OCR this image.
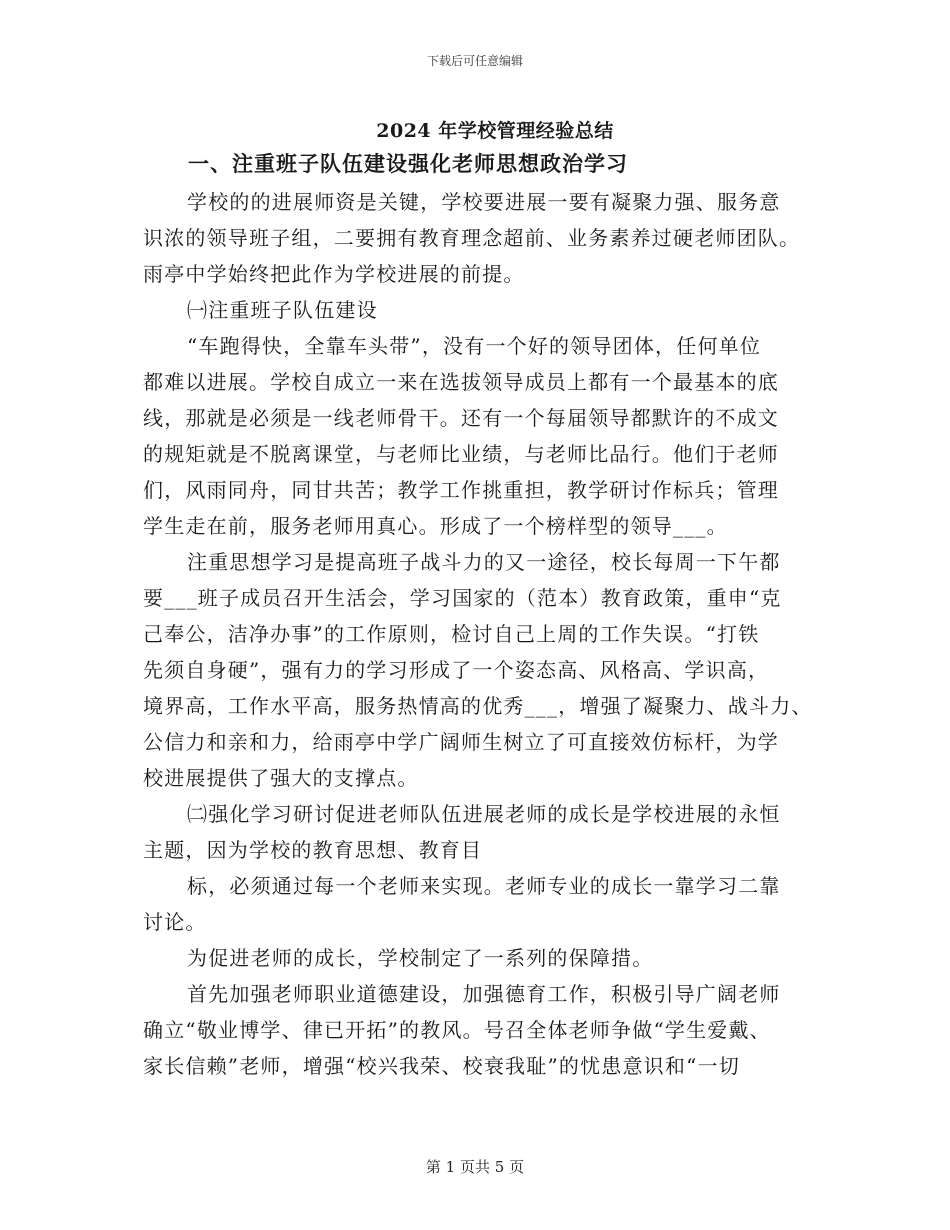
下载后可任意编辑
2024 年学校管理经验总结
一、注重班子队伍建设强化老师思想政治学习
学校的的进展师资是关键，学校要进展一要有凝聚力强、服务意
识浓的领导班子组，二要拥有教育理念超前、业务素养过硬老师团队。
雨亭中学始终把此作为学校进展的前提。
㈠注重班子队伍建设
“车跑得快，全靠车头带”，没有一个好的领导团体，任何单位
都难以进展。学校自成立一来在选拔领导成员上都有一个最基本的底
线，那就是必须是一线老师骨干。还有一个每届领导都默许的不成文
的规矩就是不脱离课堂，与老师比业绩，与老师比品行。他们于老师
们，风雨同舟，同甘共苦；教学工作挑重担，教学研讨作标兵；管理
学生走在前，服务老师用真心。形成了一个榜样型的领导___。
注重思想学习是提高班子战斗力的又一途径，校长每周一下午都
要___班子成员召开生活会，学习国家的（范本）教育政策，重申“克
己奉公，洁净办事”的工作原则，检讨自己上周的工作失误。“打铁
先须自身硬”，强有力的学习形成了一个姿态高、风格高、学识高，
境界高，工作水平高，服务热情高的优秀___，增强了凝聚力、战斗力、
公信力和亲和力，给雨亭中学广阔师生树立了可直接效仿标杆，为学
校进展提供了强大的支撑点。
㈡强化学习研讨促进老师队伍进展老师的成长是学校进展的永恒
主题，因为学校的教育思想、教育目
标，必须通过每一个老师来实现。老师专业的成长一靠学习二靠
讨论。
为促进老师的成长，学校制定了一系列的保障措。
首先加强老师职业道德建设，加强德育工作，积极引导广阔老师
确立“敬业博学、律已开拓”的教风。号召全体老师争做“学生爱戴、
家长信赖”老师，增强“校兴我荣、校衰我耻”的忧患意识和“一切
第 1 页共 5 页
